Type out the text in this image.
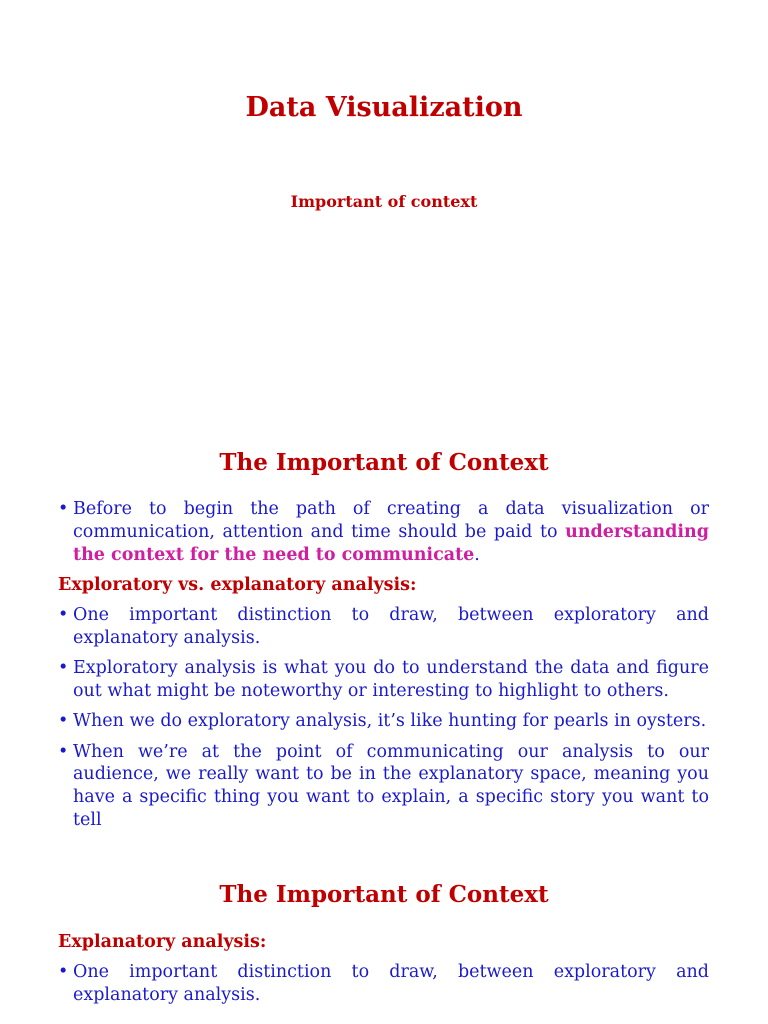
Data Visualization
Important of context
The Important of Context
• Before to begin the path of creating a data visualization or communication, attention and time should be paid to understanding the context for the need to communicate.
Exploratory vs. explanatory analysis:
• One important distinction to draw, between exploratory and explanatory analysis.
• Exploratory analysis is what you do to understand the data and figure out what might be noteworthy or interesting to highlight to others.
• When we do exploratory analysis, it’s like hunting for pearls in oysters.
• When we’re at the point of communicating our analysis to our audience, we really want to be in the explanatory space, meaning you have a specific thing you want to explain, a specific story you want to tell
The Important of Context
Explanatory analysis:
• One important distinction to draw, between exploratory and explanatory analysis.
